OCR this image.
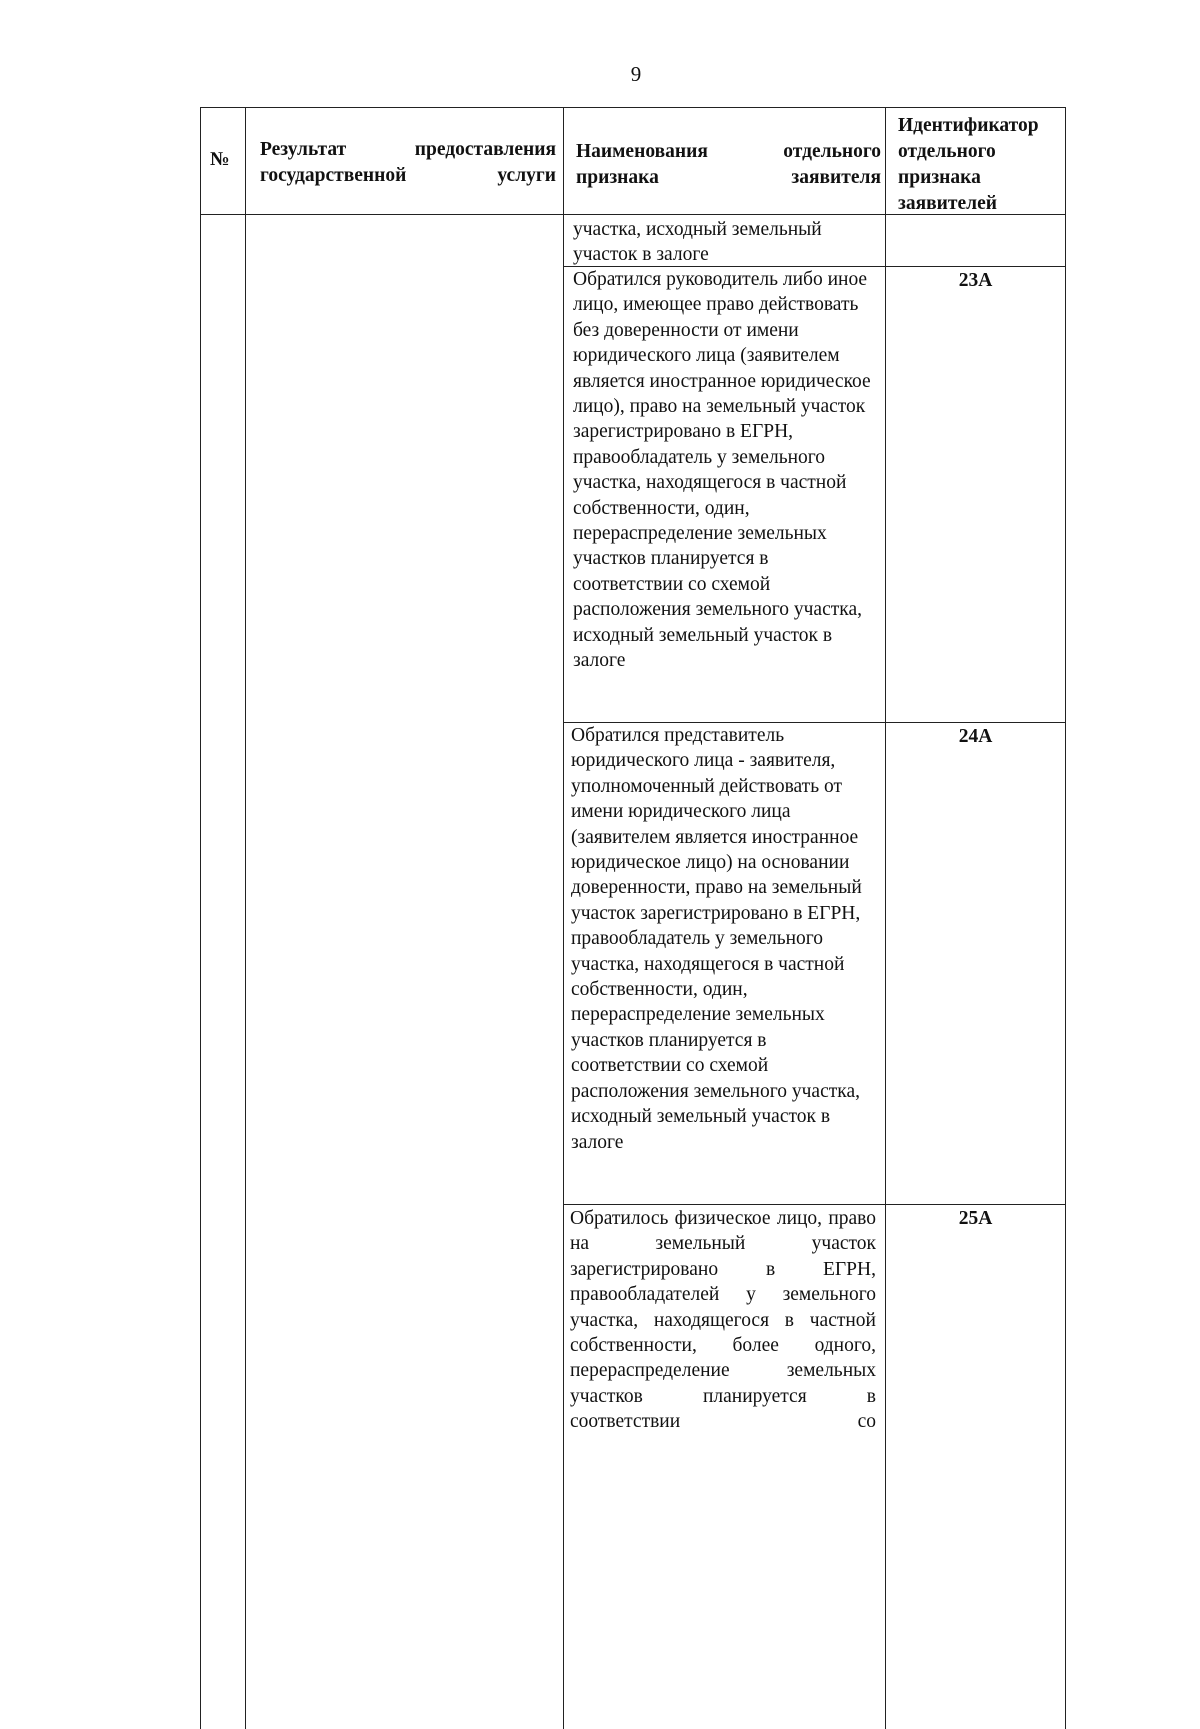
9
№	Результат предоставления государственной услуги
Наименования отдельного признака заявителя
Идентификатор отдельного признака заявителей
участка, исходный земельный участок в залоге
Обратился руководитель либо иное лицо, имеющее право действовать без доверенности от имени юридического лица (заявителем является иностранное юридическое лицо), право на земельный участок зарегистрировано в ЕГРН, правообладатель у земельного участка, находящегося в частной собственности, один, перераспределение земельных участков планируется в соответствии со схемой расположения земельного участка, исходный земельный участок в залоге
23А
Обратился представитель юридического лица - заявителя, уполномоченный действовать от имени юридического лица (заявителем является иностранное юридическое лицо) на основании доверенности, право на земельный участок зарегистрировано в ЕГРН, правообладатель у земельного участка, находящегося в частной собственности, один, перераспределение земельных участков планируется в соответствии со схемой расположения земельного участка, исходный земельный участок в залоге
24А
Обратилось физическое лицо, право на земельный участок зарегистрировано в ЕГРН, правообладателей у земельного участка, находящегося в частной собственности, более одного, перераспределение земельных участков планируется в соответствии со
25А
